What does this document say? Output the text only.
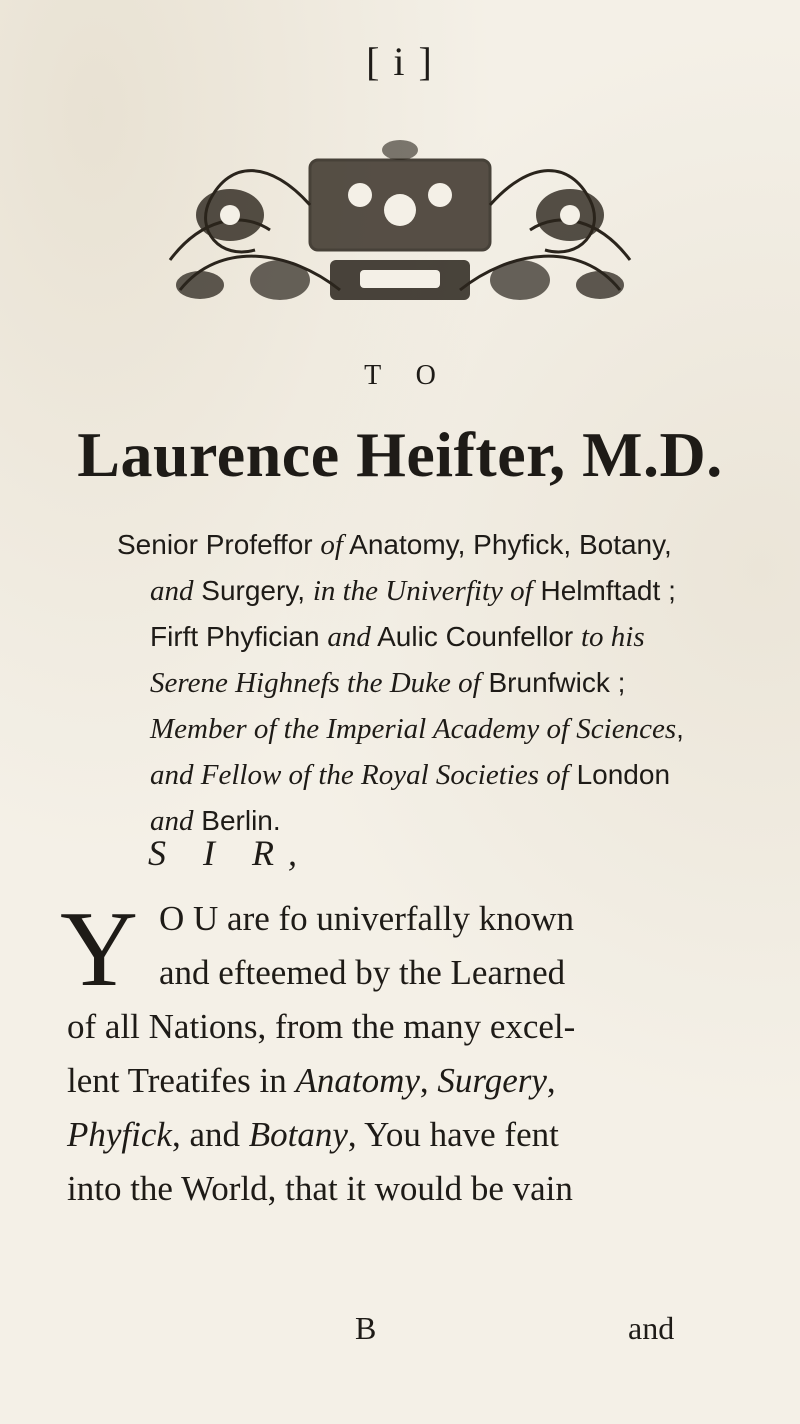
[ i ]
T O
Laurence Heifter, M.D.
Senior Profeffor of Anatomy, Phyfick, Botany,
and Surgery, in the Univerfity of Helmftadt ;
Firft Phyfician and Aulic Counfellor to his
Serene Highnefs the Duke of Brunfwick ;
Member of the Imperial Academy of Sciences,
and Fellow of the Royal Societies of London
and Berlin.
S I R,
Y O U are fo univerfally known
and efteemed by the Learned
of all Nations, from the many excel-
lent Treatifes in Anatomy, Surgery,
Phyfick, and Botany, You have fent
into the World, that it would be vain
B	and
